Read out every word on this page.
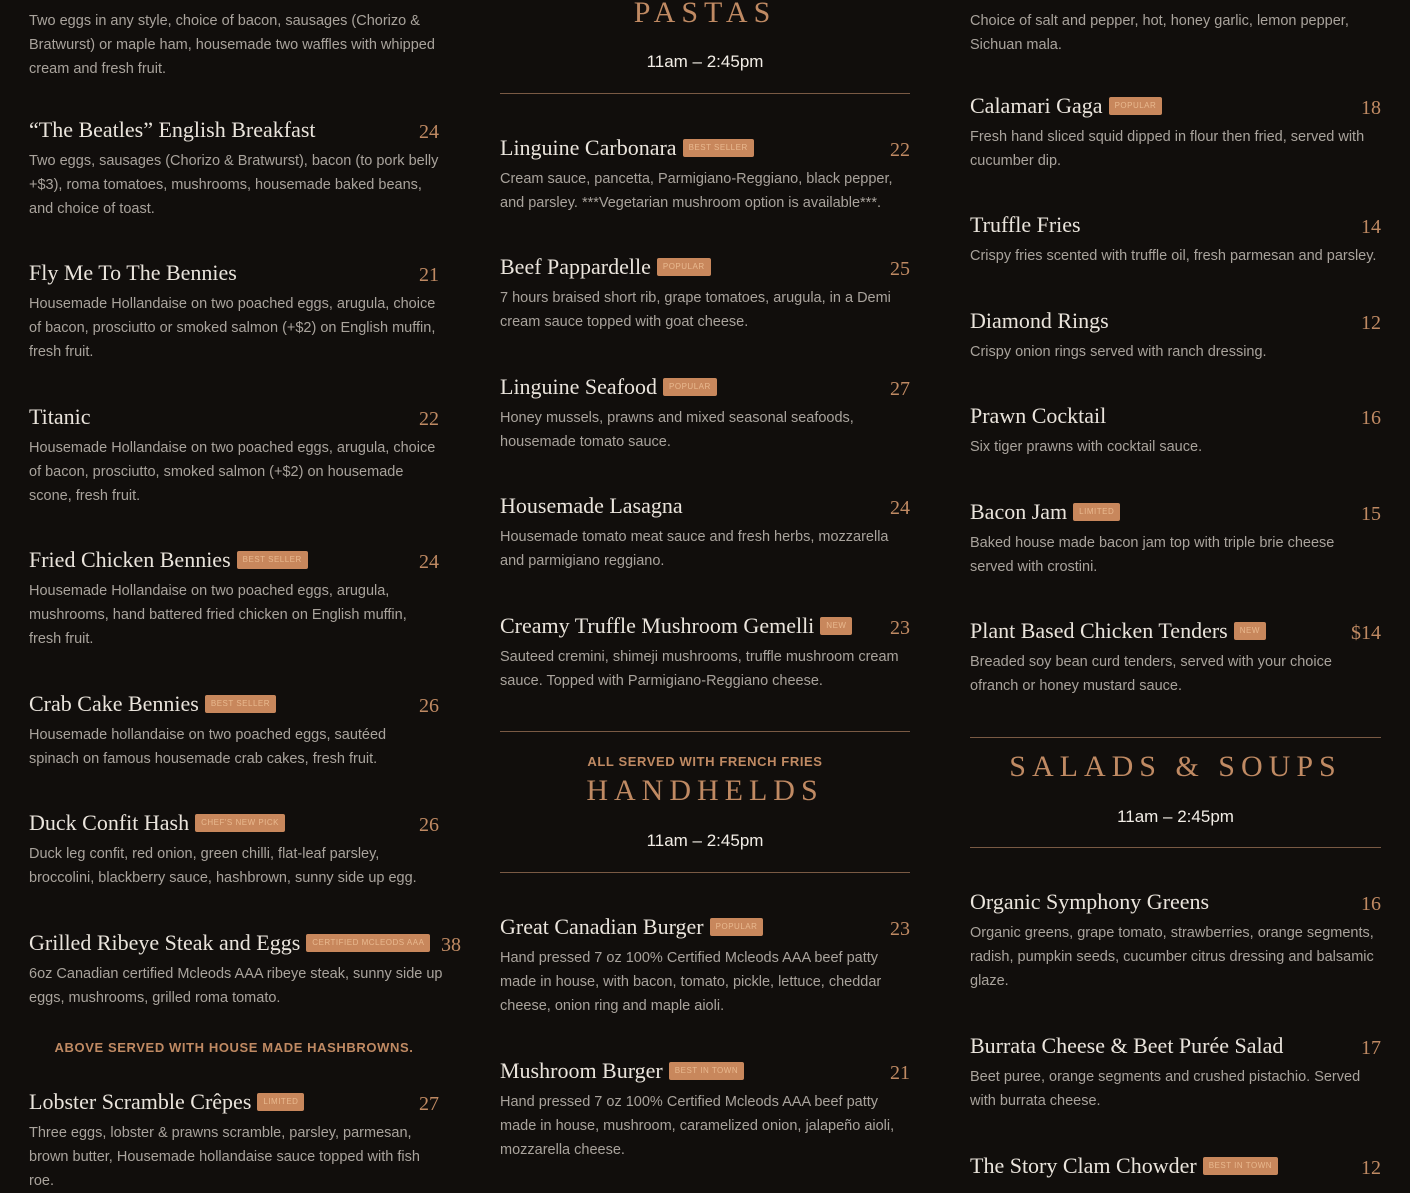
Two eggs in any style, choice of bacon, sausages (Chorizo & Bratwurst) or maple ham, housemade two waffles with whipped cream and fresh fruit.

“The Beatles” English Breakfast	24

Two eggs, sausages (Chorizo & Bratwurst), bacon (to pork belly +$3), roma tomatoes, mushrooms, housemade baked beans, and choice of toast.

Fly Me To The Bennies	21

Housemade Hollandaise on two poached eggs, arugula, choice of bacon, prosciutto or smoked salmon (+$2) on English muffin, fresh fruit.

Titanic	22

Housemade Hollandaise on two poached eggs, arugula, choice of bacon, prosciutto, smoked salmon (+$2) on housemade scone, fresh fruit.

Fried Chicken Bennies BEST SELLER	24

Housemade Hollandaise on two poached eggs, arugula, mushrooms, hand battered fried chicken on English muffin, fresh fruit.

Crab Cake Bennies BEST SELLER	26

Housemade hollandaise on two poached eggs, sautéed spinach on famous housemade crab cakes, fresh fruit.

Duck Confit Hash CHEF'S NEW PICK	26

Duck leg confit, red onion, green chilli, flat-leaf parsley, broccolini, blackberry sauce, hashbrown, sunny side up egg.

Grilled Ribeye Steak and Eggs CERTIFIED MCLEODS AAA 38

6oz Canadian certified Mcleods AAA ribeye steak, sunny side up eggs, mushrooms, grilled roma tomato.

ABOVE SERVED WITH HOUSE MADE HASHBROWNS.
Lobster Scramble Crêpes LIMITED	27

Three eggs, lobster & prawns scramble, parsley, parmesan, brown butter, Housemade hollandaise sauce topped with fish roe.

PASTAS
11am – 2:45pm
Linguine Carbonara BEST SELLER	22

Cream sauce, pancetta, Parmigiano-Reggiano, black pepper, and parsley. ***Vegetarian mushroom option is available***.

Beef Pappardelle POPULAR	25

7 hours braised short rib, grape tomatoes, arugula, in a Demi cream sauce topped with goat cheese.

Linguine Seafood POPULAR	27

Honey mussels, prawns and mixed seasonal seafoods, housemade tomato sauce.

Housemade Lasagna	24

Housemade tomato meat sauce and fresh herbs, mozzarella and parmigiano reggiano.

Creamy Truffle Mushroom Gemelli NEW	23

Sauteed cremini, shimeji mushrooms, truffle mushroom cream sauce. Topped with Parmigiano-Reggiano cheese.

ALL SERVED WITH FRENCH FRIES
HANDHELDS
11am – 2:45pm
Great Canadian Burger POPULAR	23

Hand pressed 7 oz 100% Certified Mcleods AAA beef patty made in house, with bacon, tomato, pickle, lettuce, cheddar cheese, onion ring and maple aioli.

Mushroom Burger BEST IN TOWN	21

Hand pressed 7 oz 100% Certified Mcleods AAA beef patty made in house, mushroom, caramelized onion, jalapeño aioli, mozzarella cheese.

Choice of salt and pepper, hot, honey garlic, lemon pepper, Sichuan mala.

Calamari Gaga POPULAR	18

Fresh hand sliced squid dipped in flour then fried, served with cucumber dip.

Truffle Fries	14

Crispy fries scented with truffle oil, fresh parmesan and parsley.

Diamond Rings	12

Crispy onion rings served with ranch dressing.

Prawn Cocktail	16

Six tiger prawns with cocktail sauce.

Bacon Jam LIMITED	15

Baked house made bacon jam top with triple brie cheese served with crostini.

Plant Based Chicken Tenders NEW	$14

Breaded soy bean curd tenders, served with your choice ofranch or honey mustard sauce.

SALADS & SOUPS
11am – 2:45pm
Organic Symphony Greens	16

Organic greens, grape tomato, strawberries, orange segments, radish, pumpkin seeds, cucumber citrus dressing and balsamic glaze.

Burrata Cheese & Beet Purée Salad	17

Beet puree, orange segments and crushed pistachio. Served with burrata cheese.

The Story Clam Chowder BEST IN TOWN	12
